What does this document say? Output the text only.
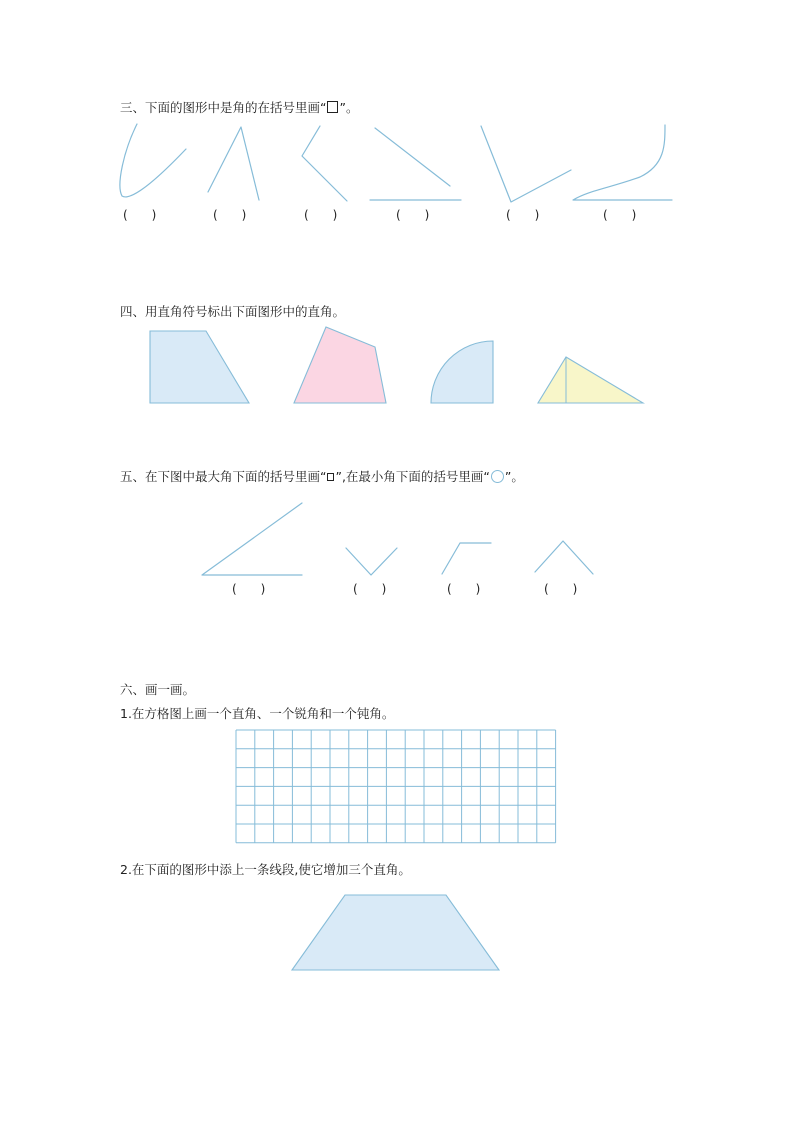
三、下面的图形中是角的在括号里画“ ”。
(　　)	(　　)	(　　)	(　　)	(　　)	(　　)
四、用直角符号标出下面图形中的直角。
五、在下图中最大角下面的括号里画“ ”,在最小角下面的括号里画“ ”。
(　　)	(　　)	(　　)	(　　)
六、画一画。
1.在方格图上画一个直角、一个锐角和一个钝角。
2.在下面的图形中添上一条线段,使它增加三个直角。
